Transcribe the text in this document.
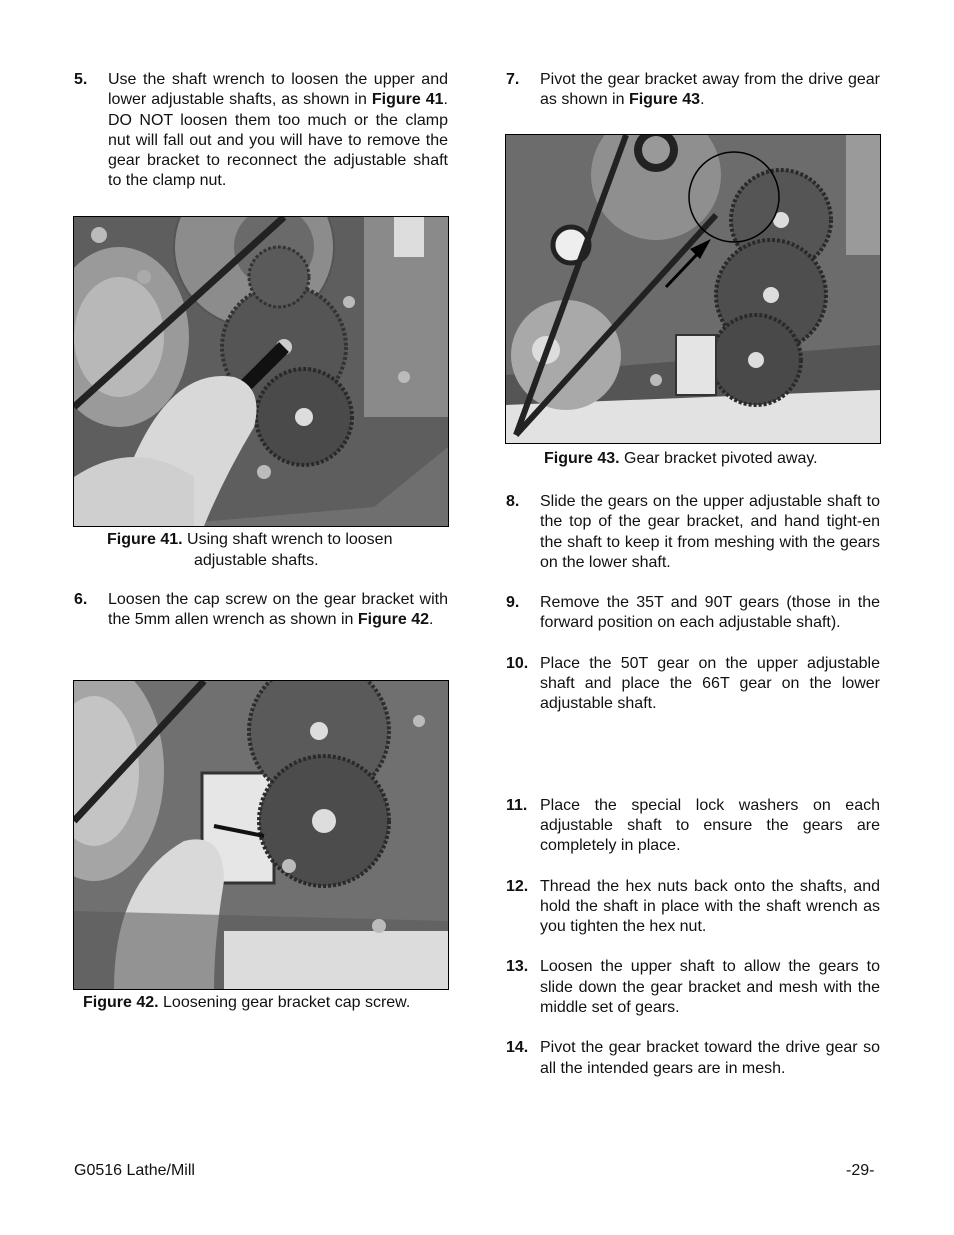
5. Use the shaft wrench to loosen the upper and lower adjustable shafts, as shown in Figure 41. DO NOT loosen them too much or the clamp nut will fall out and you will have to remove the gear bracket to reconnect the adjustable shaft to the clamp nut.
Figure 41. Using shaft wrench to loosen
adjustable shafts.
6. Loosen the cap screw on the gear bracket with the 5mm allen wrench as shown in Figure 42.
Figure 42. Loosening gear bracket cap screw.
7. Pivot the gear bracket away from the drive gear as shown in Figure 43.
Figure 43. Gear bracket pivoted away.
8. Slide the gears on the upper adjustable shaft to the top of the gear bracket, and hand tight-en the shaft to keep it from meshing with the gears on the lower shaft.
9. Remove the 35T and 90T gears (those in the forward position on each adjustable shaft).
10. Place the 50T gear on the upper adjustable shaft and place the 66T gear on the lower adjustable shaft.
11. Place the special lock washers on each adjustable shaft to ensure the gears are completely in place.
12. Thread the hex nuts back onto the shafts, and hold the shaft in place with the shaft wrench as you tighten the hex nut.
13. Loosen the upper shaft to allow the gears to slide down the gear bracket and mesh with the middle set of gears.
14. Pivot the gear bracket toward the drive gear so all the intended gears are in mesh.
G0516 Lathe/Mill	-29-
